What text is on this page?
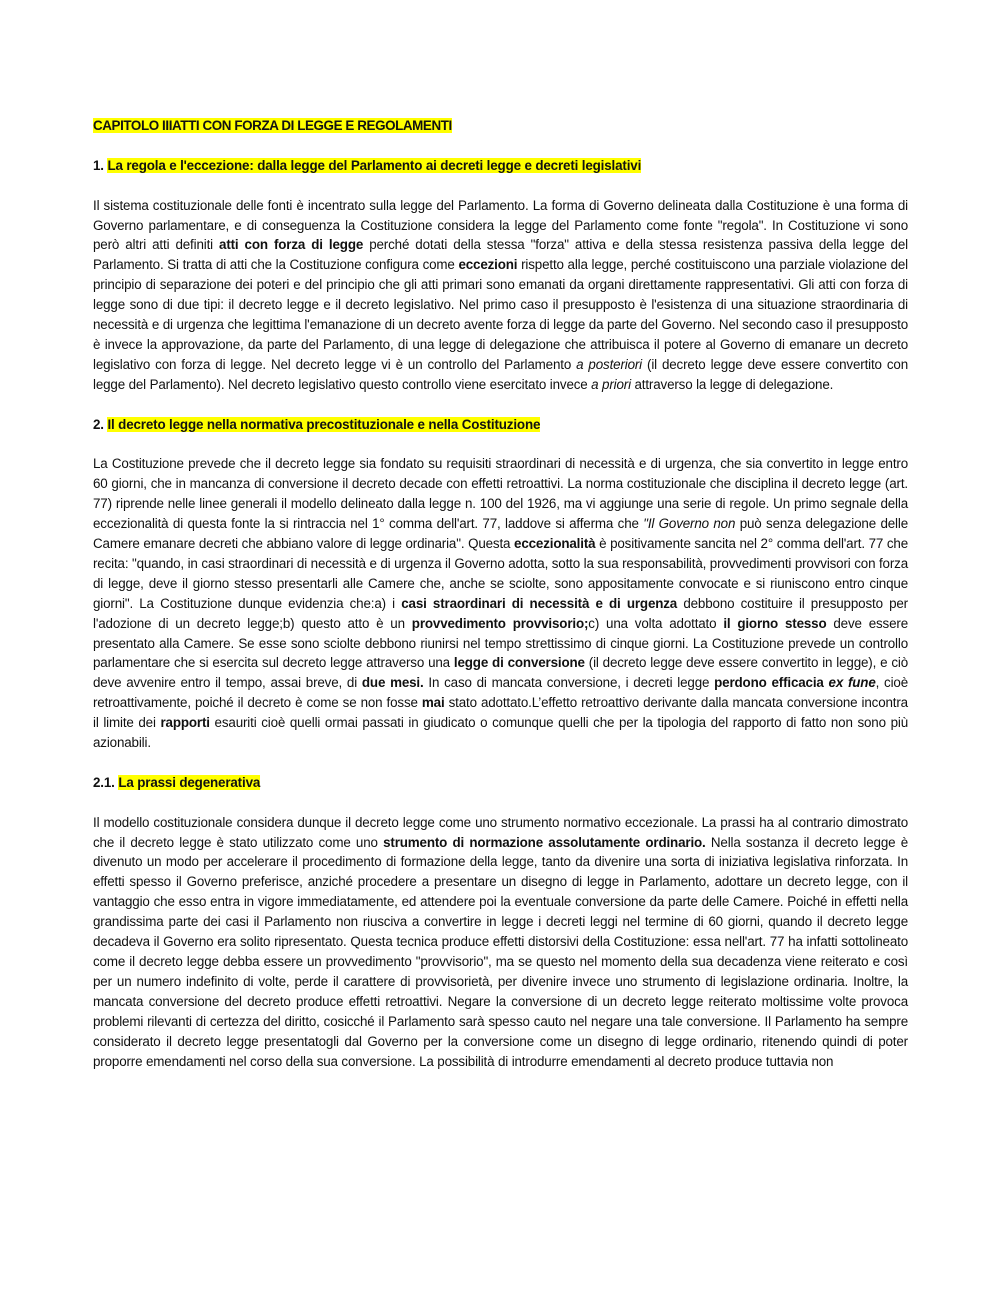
CAPITOLO IIIATTI CON FORZA DI LEGGE E REGOLAMENTI
1. La regola e l'eccezione: dalla legge del Parlamento ai decreti legge e decreti legislativi

Il sistema costituzionale delle fonti è incentrato sulla legge del Parlamento. La forma di Governo delineata dalla Costituzione è una forma di Governo parlamentare, e di conseguenza la Costituzione considera la legge del Parlamento come fonte "regola". In Costituzione vi sono però altri atti definiti atti con forza di legge perché dotati della stessa "forza" attiva e della stessa resistenza passiva della legge del Parlamento. Si tratta di atti che la Costituzione configura come eccezioni rispetto alla legge, perché costituiscono una parziale violazione del principio di separazione dei poteri e del principio che gli atti primari sono emanati da organi direttamente rappresentativi. Gli atti con forza di legge sono di due tipi: il decreto legge e il decreto legislativo. Nel primo caso il presupposto è l'esistenza di una situazione straordinaria di necessità e di urgenza che legittima l'emanazione di un decreto avente forza di legge da parte del Governo. Nel secondo caso il presupposto è invece la approvazione, da parte del Parlamento, di una legge di delegazione che attribuisca il potere al Governo di emanare un decreto legislativo con forza di legge. Nel decreto legge vi è un controllo del Parlamento a posteriori (il decreto legge deve essere convertito con legge del Parlamento). Nel decreto legislativo questo controllo viene esercitato invece a priori attraverso la legge di delegazione.

2. Il decreto legge nella normativa precostituzionale e nella Costituzione

La Costituzione prevede che il decreto legge sia fondato su requisiti straordinari di necessità e di urgenza, che sia convertito in legge entro 60 giorni, che in mancanza di conversione il decreto decade con effetti retroattivi. La norma costituzionale che disciplina il decreto legge (art. 77) riprende nelle linee generali il modello delineato dalla legge n. 100 del 1926, ma vi aggiunge una serie di regole. Un primo segnale della eccezionalità di questa fonte la si rintraccia nel 1° comma dell'art. 77, laddove si afferma che "Il Governo non può senza delegazione delle Camere emanare decreti che abbiano valore di legge ordinaria". Questa eccezionalità è positivamente sancita nel 2° comma dell'art. 77 che recita: "quando, in casi straordinari di necessità e di urgenza il Governo adotta, sotto la sua responsabilità, provvedimenti provvisori con forza di legge, deve il giorno stesso presentarli alle Camere che, anche se sciolte, sono appositamente convocate e si riuniscono entro cinque giorni". La Costituzione dunque evidenzia che:a) i casi straordinari di necessità e di urgenza debbono costituire il presupposto per l'adozione di un decreto legge;b) questo atto è un provvedimento provvisorio;c) una volta adottato il giorno stesso deve essere presentato alla Camere. Se esse sono sciolte debbono riunirsi nel tempo strettissimo di cinque giorni. La Costituzione prevede un controllo parlamentare che si esercita sul decreto legge attraverso una legge di conversione (il decreto legge deve essere convertito in legge), e ciò deve avvenire entro il tempo, assai breve, di due mesi. In caso di mancata conversione, i decreti legge perdono efficacia ex fune, cioè retroattivamente, poiché il decreto è come se non fosse mai stato adottato.L’effetto retroattivo derivante dalla mancata conversione incontra il limite dei rapporti esauriti cioè quelli ormai passati in giudicato o comunque quelli che per la tipologia del rapporto di fatto non sono più azionabili.

2.1. La prassi degenerativa

Il modello costituzionale considera dunque il decreto legge come uno strumento normativo eccezionale. La prassi ha al contrario dimostrato che il decreto legge è stato utilizzato come uno strumento di normazione assolutamente ordinario. Nella sostanza il decreto legge è divenuto un modo per accelerare il procedimento di formazione della legge, tanto da divenire una sorta di iniziativa legislativa rinforzata. In effetti spesso il Governo preferisce, anziché procedere a presentare un disegno di legge in Parlamento, adottare un decreto legge, con il vantaggio che esso entra in vigore immediatamente, ed attendere poi la eventuale conversione da parte delle Camere. Poiché in effetti nella grandissima parte dei casi il Parlamento non riusciva a convertire in legge i decreti leggi nel termine di 60 giorni, quando il decreto legge decadeva il Governo era solito ripresentato. Questa tecnica produce effetti distorsivi della Costituzione: essa nell'art. 77 ha infatti sottolineato come il decreto legge debba essere un provvedimento "provvisorio", ma se questo nel momento della sua decadenza viene reiterato e così per un numero indefinito di volte, perde il carattere di provvisorietà, per divenire invece uno strumento di legislazione ordinaria. Inoltre, la mancata conversione del decreto produce effetti retroattivi. Negare la conversione di un decreto legge reiterato moltissime volte provoca problemi rilevanti di certezza del diritto, cosicché il Parlamento sarà spesso cauto nel negare una tale conversione. Il Parlamento ha sempre considerato il decreto legge presentatogli dal Governo per la conversione come un disegno di legge ordinario, ritenendo quindi di poter proporre emendamenti nel corso della sua conversione. La possibilità di introdurre emendamenti al decreto produce tuttavia non
